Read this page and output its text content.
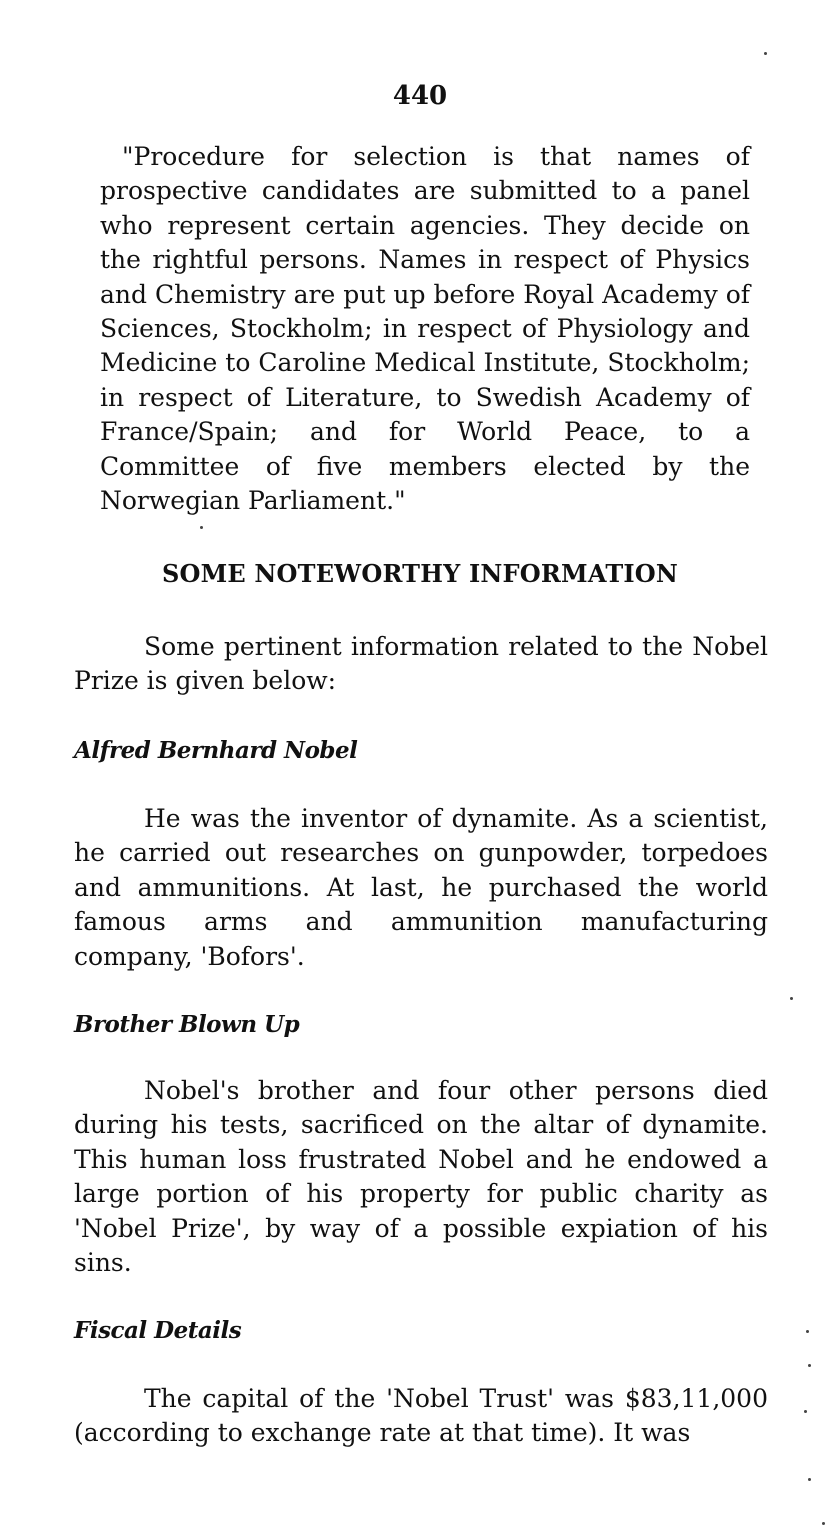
440

"Procedure for selection is that names of prospective candidates are submitted to a panel who represent certain agencies. They decide on the rightful persons. Names in respect of Physics and Chemistry are put up before Royal Academy of Sciences, Stockholm; in respect of Physiology and Medicine to Caroline Medical Institute, Stockholm; in respect of Literature, to Swedish Academy of France/Spain; and for World Peace, to a Committee of five members elected by the Norwegian Parliament."

SOME NOTEWORTHY INFORMATION

Some pertinent information related to the Nobel Prize is given below:

Alfred Bernhard Nobel

He was the inventor of dynamite. As a scientist, he carried out researches on gunpowder, torpedoes and ammunitions. At last, he purchased the world famous arms and ammunition manufacturing company, 'Bofors'.

Brother Blown Up

Nobel's brother and four other persons died during his tests, sacrificed on the altar of dynamite. This human loss frustrated Nobel and he endowed a large portion of his property for public charity as 'Nobel Prize', by way of a possible expiation of his sins.

Fiscal Details

The capital of the 'Nobel Trust' was $83,11,000 (according to exchange rate at that time). It was
